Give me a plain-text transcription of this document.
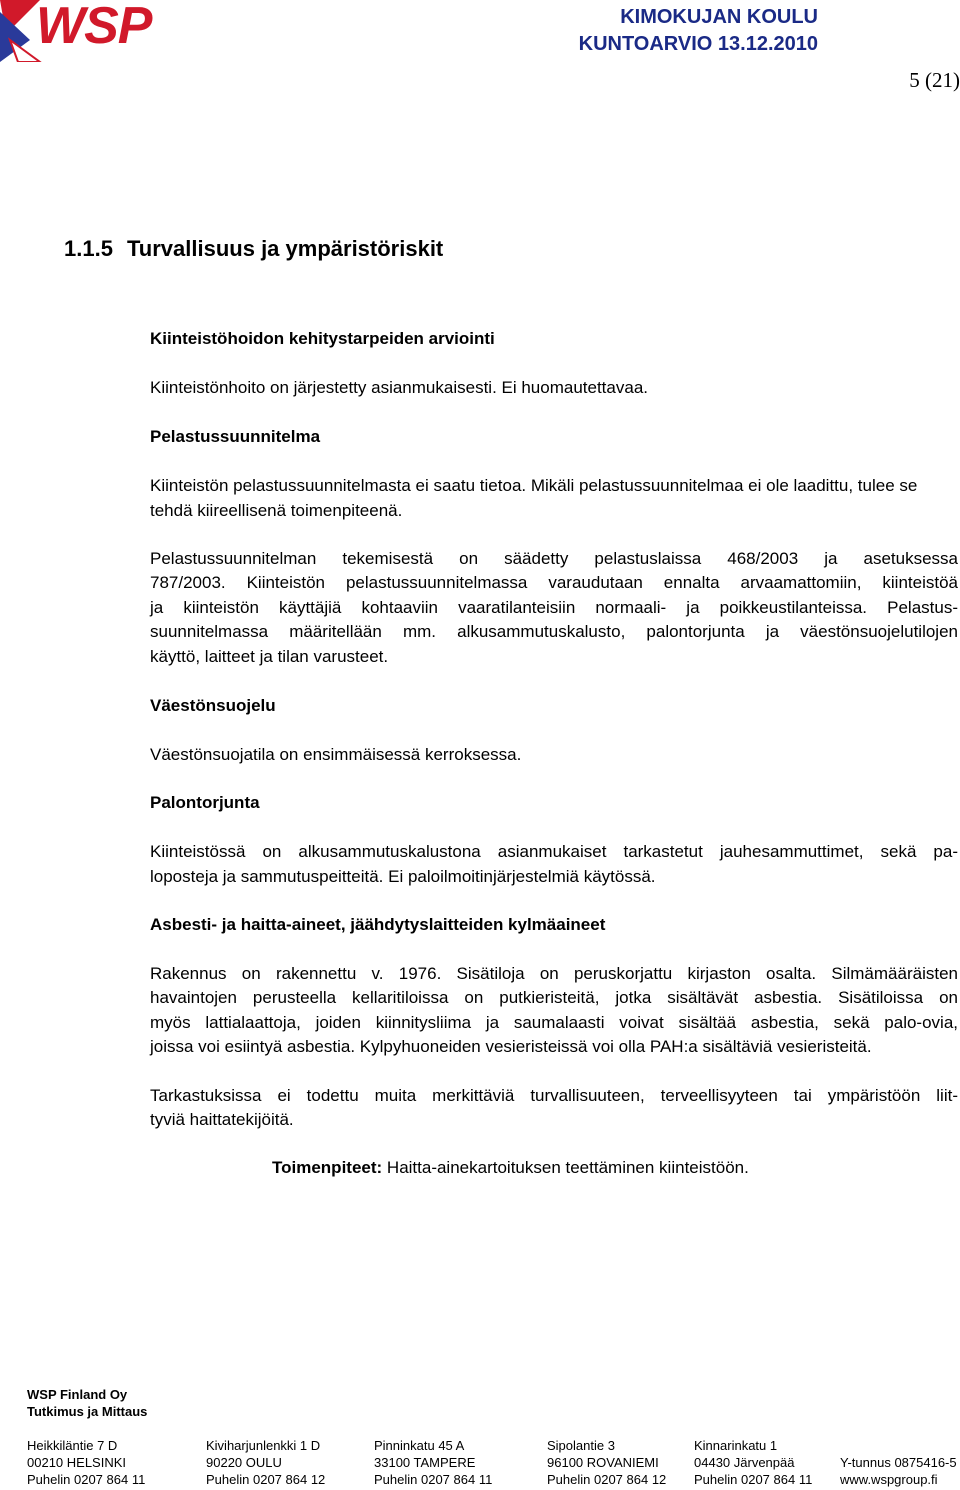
WSP	KIMOKUJAN KOULU
KUNTOARVIO 13.12.2010
5 (21)
1.1.5 Turvallisuus ja ympäristöriskit
Kiinteistöhoidon kehitystarpeiden arviointi
Kiinteistönhoito on järjestetty asianmukaisesti. Ei huomautettavaa.
Pelastussuunnitelma
Kiinteistön pelastussuunnitelmasta ei saatu tietoa. Mikäli pelastussuunnitelmaa ei ole laadittu, tulee se tehdä kiireellisenä toimenpiteenä.
Pelastussuunnitelman tekemisestä on säädetty pelastuslaissa 468/2003 ja asetuksessa
787/2003. Kiinteistön pelastussuunnitelmassa varaudutaan ennalta arvaamattomiin, kiinteistöä
ja kiinteistön käyttäjiä kohtaaviin vaaratilanteisiin normaali- ja poikkeustilanteissa. Pelastus-
suunnitelmassa määritellään mm. alkusammutuskalusto, palontorjunta ja väestönsuojelutilojen
käyttö, laitteet ja tilan varusteet.
Väestönsuojelu
Väestönsuojatila on ensimmäisessä kerroksessa.
Palontorjunta
Kiinteistössä on alkusammutuskalustona asianmukaiset tarkastetut jauhesammuttimet, sekä pa-
loposteja ja sammutuspeitteitä. Ei paloilmoitinjärjestelmiä käytössä.
Asbesti- ja haitta-aineet, jäähdytyslaitteiden kylmäaineet
Rakennus on rakennettu v. 1976. Sisätiloja on peruskorjattu kirjaston osalta. Silmämääräisten
havaintojen perusteella kellaritiloissa on putkieristeitä, jotka sisältävät asbestia. Sisätiloissa on
myös lattialaattoja, joiden kiinnitysliima ja saumalaasti voivat sisältää asbestia, sekä palo-ovia,
joissa voi esiintyä asbestia. Kylpyhuoneiden vesieristeissä voi olla PAH:a sisältäviä vesieristeitä.
Tarkastuksissa ei todettu muita merkittäviä turvallisuuteen, terveellisyyteen tai ympäristöön liit-
tyviä haittatekijöitä.
Toimenpiteet: Haitta-ainekartoituksen teettäminen kiinteistöön.
WSP Finland Oy
Tutkimus ja Mittaus
Heikkiläntie 7 D
00210 HELSINKI
Puhelin 0207 864 11
Kiviharjunlenkki 1 D
90220 OULU
Puhelin 0207 864 12
Pinninkatu 45 A
33100 TAMPERE
Puhelin 0207 864 11
Sipolantie 3
96100 ROVANIEMI
Puhelin 0207 864 12
Kinnarinkatu 1
04430 Järvenpää
Puhelin 0207 864 11
Y-tunnus 0875416-5
www.wspgroup.fi
